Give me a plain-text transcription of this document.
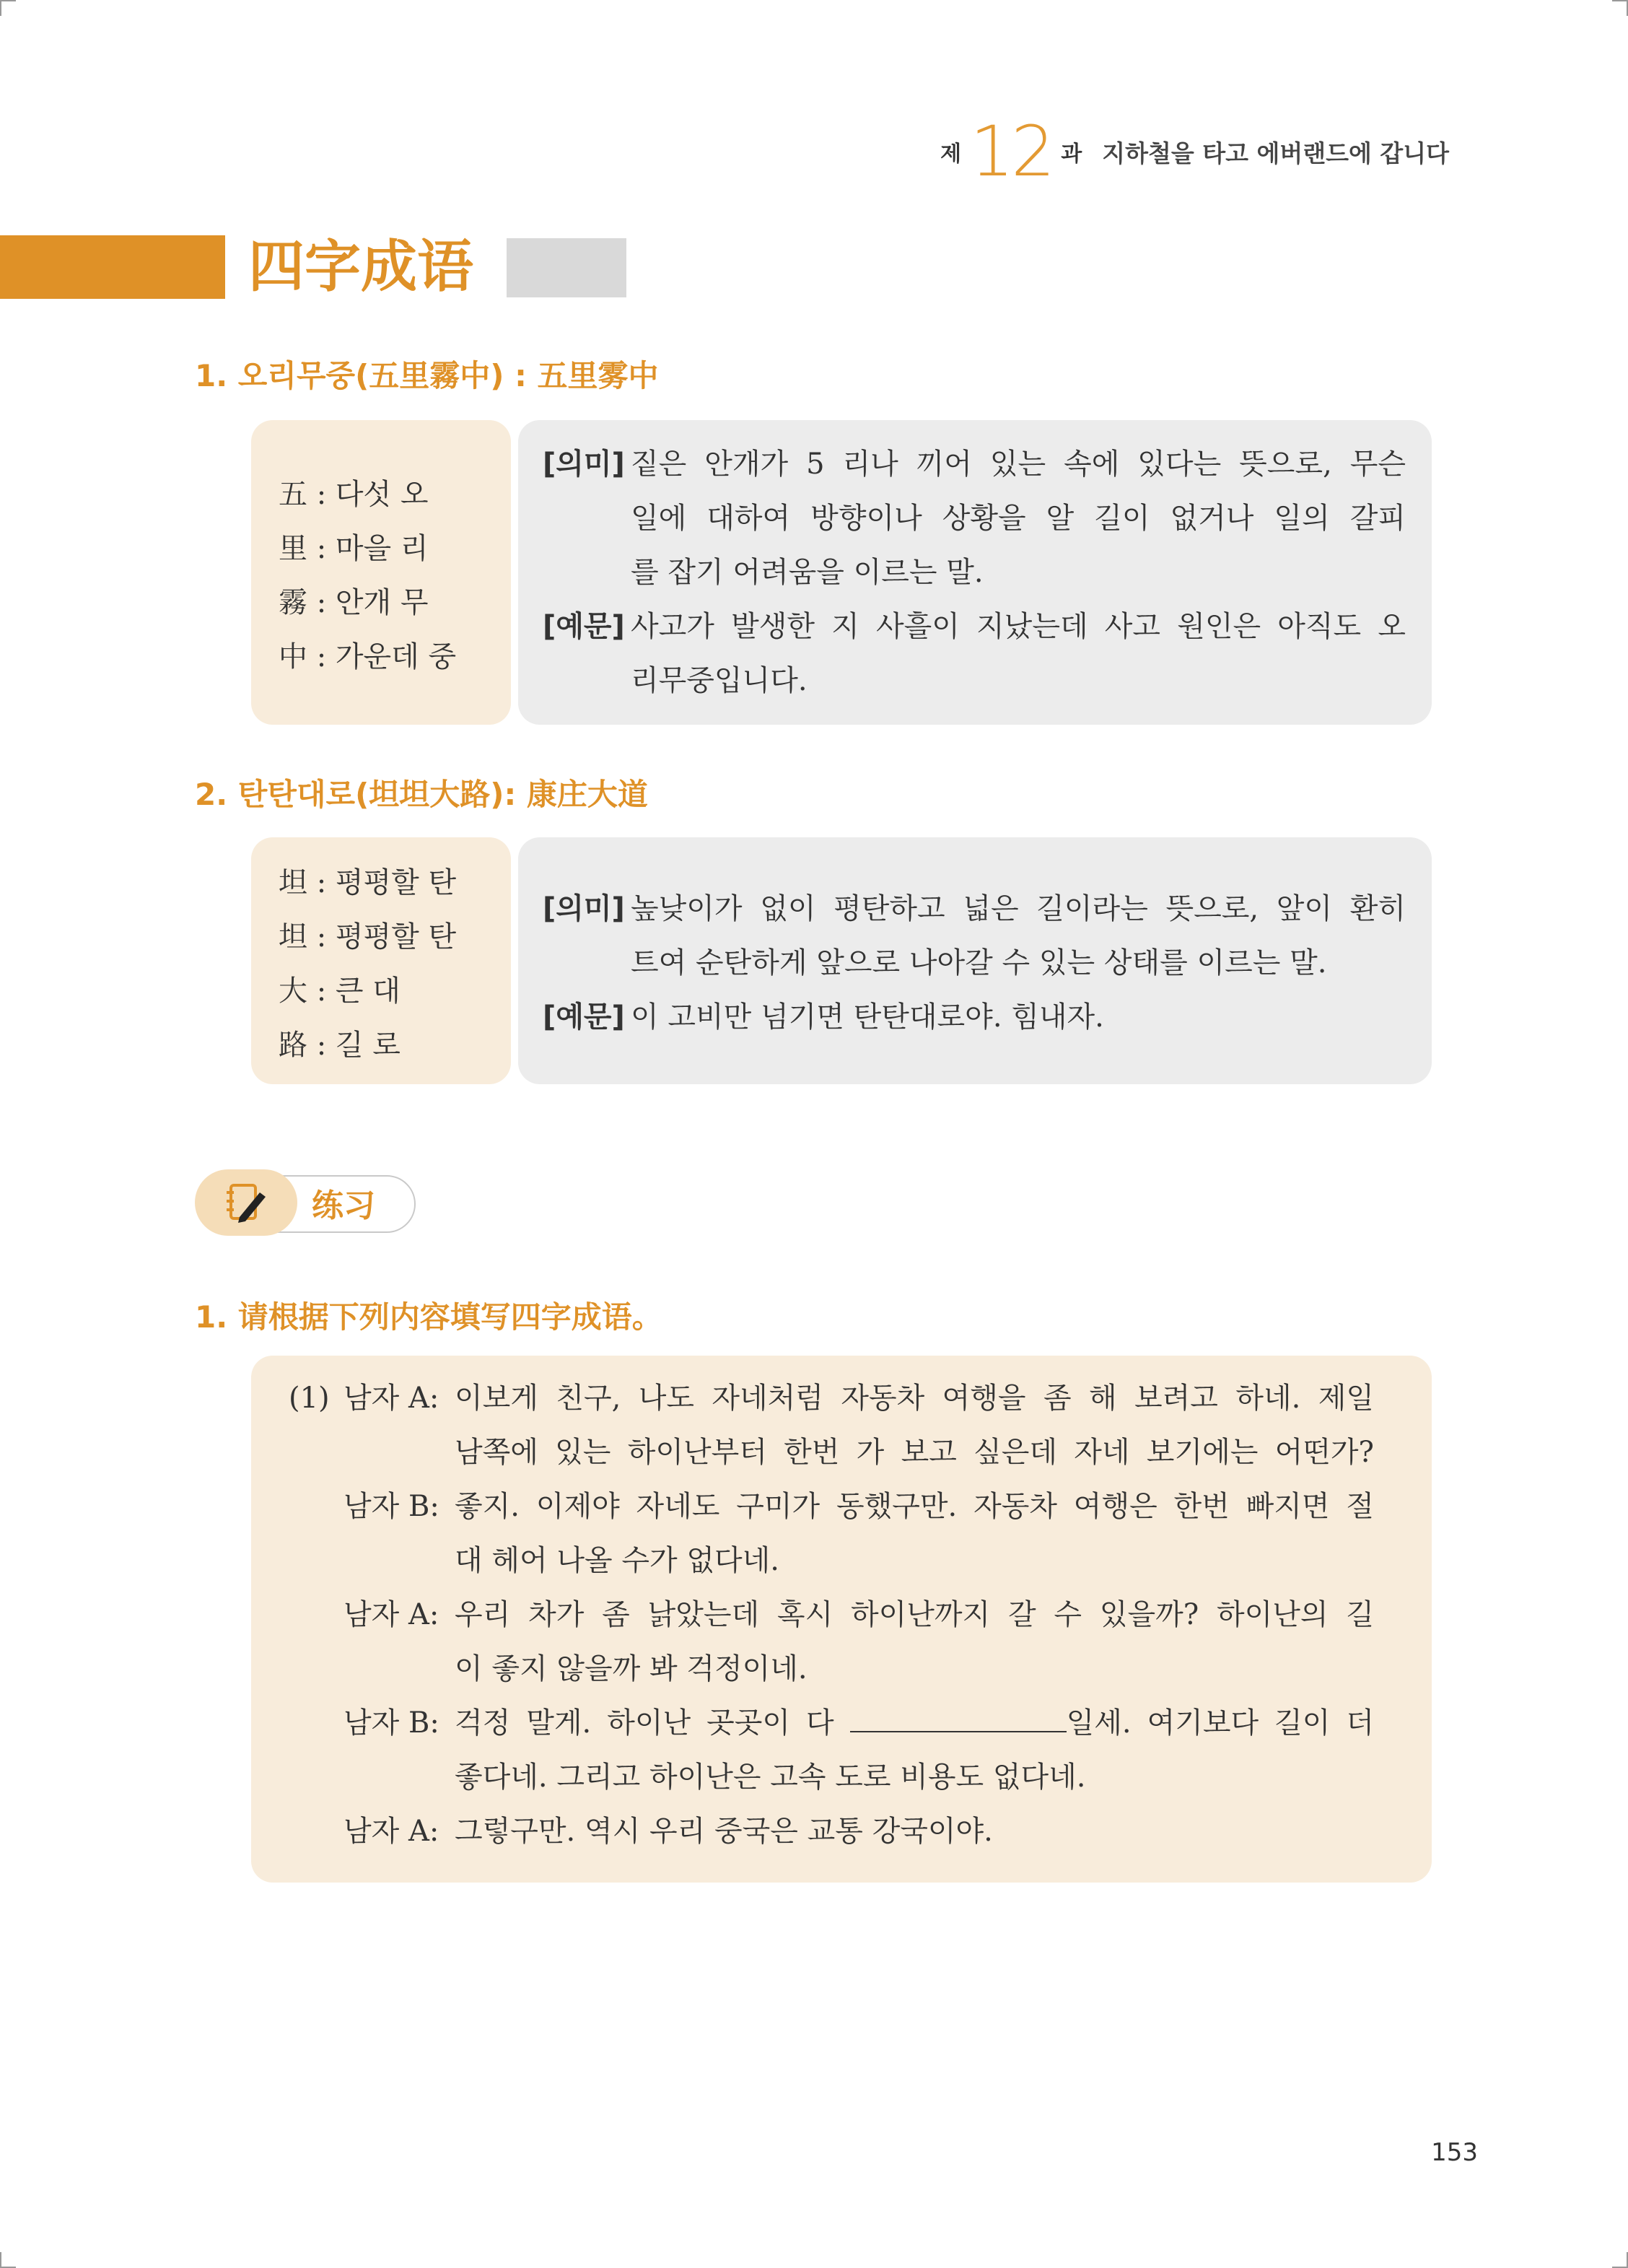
제 12 과 지하철을 타고 에버랜드에 갑니다
四字成语
1. 오리무중(五里霧中) : 五里雾中
五 : 다섯 오
里 : 마을 리
霧 : 안개 무
中 : 가운데 중
[의미] 짙은 안개가 5 리나 끼어 있는 속에 있다는 뜻으로, 무슨
일에 대하여 방향이나 상황을 알 길이 없거나 일의 갈피
를 잡기 어려움을 이르는 말.
[예문] 사고가 발생한 지 사흘이 지났는데 사고 원인은 아직도 오
리무중입니다.
2. 탄탄대로(坦坦大路): 康庄大道
坦 : 평평할 탄
坦 : 평평할 탄
大 : 큰 대
路 : 길 로
[의미] 높낮이가 없이 평탄하고 넓은 길이라는 뜻으로, 앞이 환히
트여 순탄하게 앞으로 나아갈 수 있는 상태를 이르는 말.
[예문] 이 고비만 넘기면 탄탄대로야. 힘내자.
练习
1. 请根据下列内容填写四字成语。
(1) 남자 A: 이보게 친구, 나도 자네처럼 자동차 여행을 좀 해 보려고 하네. 제일
남쪽에 있는 하이난부터 한번 가 보고 싶은데 자네 보기에는 어떤가?
남자 B: 좋지. 이제야 자네도 구미가 동했구만. 자동차 여행은 한번 빠지면 절
대 헤어 나올 수가 없다네.
남자 A: 우리 차가 좀 낡았는데 혹시 하이난까지 갈 수 있을까? 하이난의 길
이 좋지 않을까 봐 걱정이네.
남자 B: 걱정 말게. 하이난 곳곳이 다	일세. 여기보다 길이 더
좋다네. 그리고 하이난은 고속 도로 비용도 없다네.
남자 A: 그렇구만. 역시 우리 중국은 교통 강국이야.
153
